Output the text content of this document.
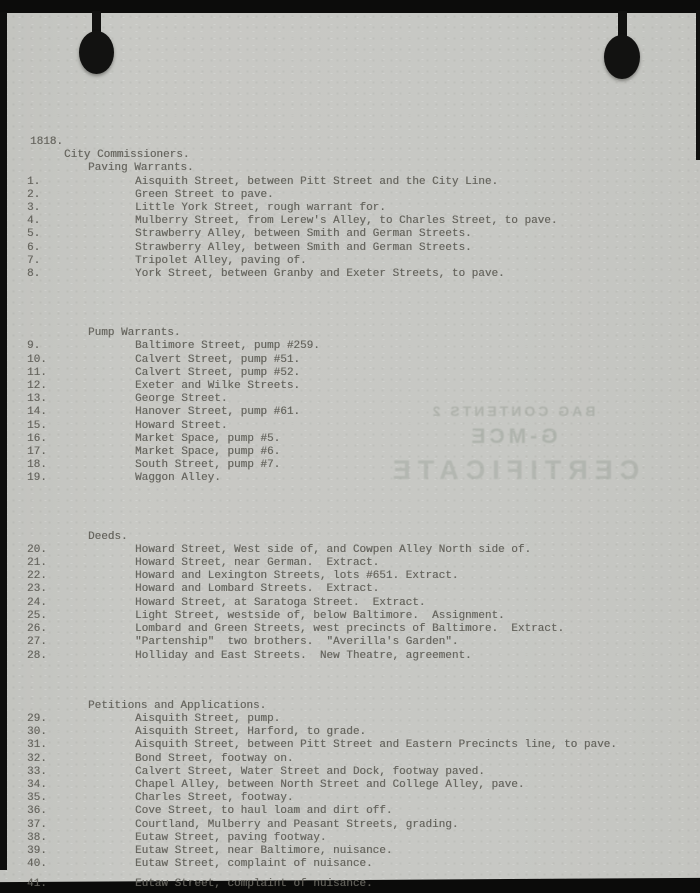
BAG CONTENTS 2
G-MCE
CERTIFICATE
1818.
City Commissioners.
Paving Warrants.
1.	Aisquith Street, between Pitt Street and the City Line.
2.	Green Street to pave.
3.	Little York Street, rough warrant for.
4.	Mulberry Street, from Lerew's Alley, to Charles Street, to pave.
5.	Strawberry Alley, between Smith and German Streets.
6.	Strawberry Alley, between Smith and German Streets.
7.	Tripolet Alley, paving of.
8.	York Street, between Granby and Exeter Streets, to pave.
Pump Warrants.
9.	Baltimore Street, pump #259.
10.	Calvert Street, pump #51.
11.	Calvert Street, pump #52.
12.	Exeter and Wilke Streets.
13.	George Street.
14.	Hanover Street, pump #61.
15.	Howard Street.
16.	Market Space, pump #5.
17.	Market Space, pump #6.
18.	South Street, pump #7.
19.	Waggon Alley.
Deeds.
20.	Howard Street, West side of, and Cowpen Alley North side of.
21.	Howard Street, near German.  Extract.
22.	Howard and Lexington Streets, lots #651. Extract.
23.	Howard and Lombard Streets.  Extract.
24.	Howard Street, at Saratoga Street.  Extract.
25.	Light Street, westside of, below Baltimore.  Assignment.
26.	Lombard and Green Streets, west precincts of Baltimore.  Extract.
27.	"Partenship"  two brothers.  "Averilla's Garden".
28.	Holliday and East Streets.  New Theatre, agreement.
Petitions and Applications.
29.	Aisquith Street, pump.
30.	Aisquith Street, Harford, to grade.
31.	Aisquith Street, between Pitt Street and Eastern Precincts line, to pave.
32.	Bond Street, footway on.
33.	Calvert Street, Water Street and Dock, footway paved.
34.	Chapel Alley, between North Street and College Alley, pave.
35.	Charles Street, footway.
36.	Cove Street, to haul loam and dirt off.
37.	Courtland, Mulberry and Peasant Streets, grading.
38.	Eutaw Street, paving footway.
39.	Eutaw Street, near Baltimore, nuisance.
40.	Eutaw Street, complaint of nuisance.
41.	Eutaw Street, complaint of nuisance.
